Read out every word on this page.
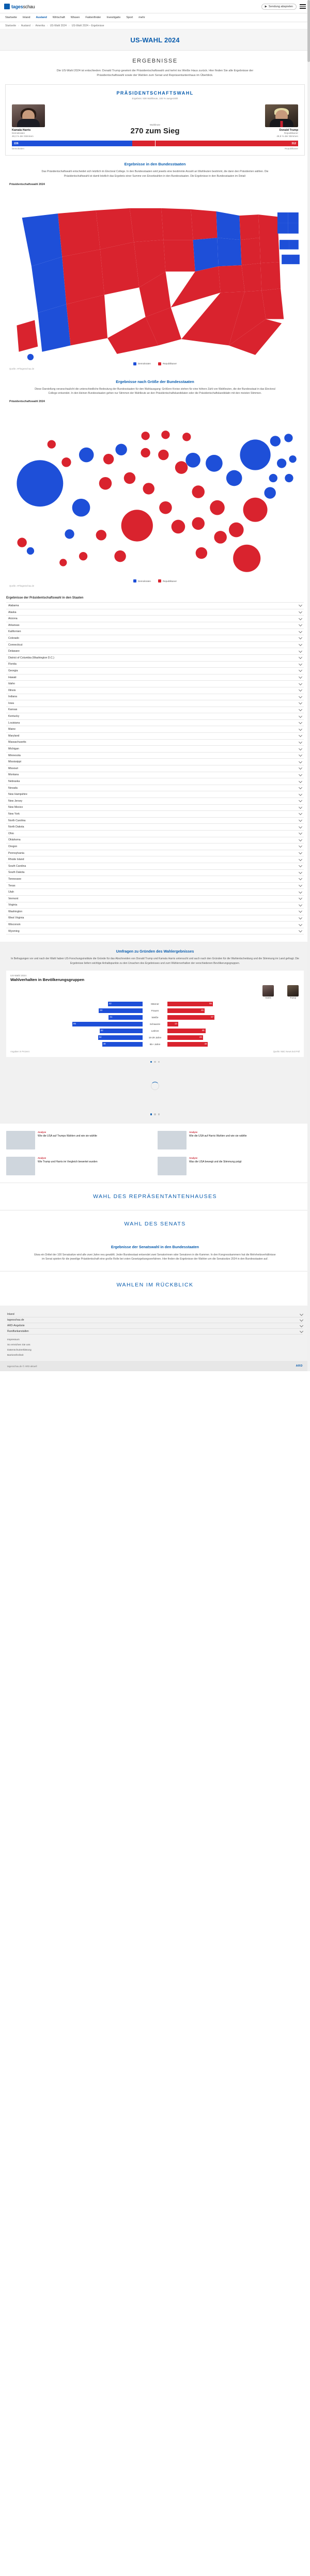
tagesschau	▶ Sendung abspielen
Startseite Inland Ausland Wirtschaft Wissen Faktenfinder Investigativ Sport mehr
Startseite › Ausland › Amerika › US-Wahl 2024 › US-Wahl 2024 – Ergebnisse
US-WAHL 2024
ERGEBNISSE
Die US-Wahl 2024 ist entschieden: Donald Trump gewinnt die Präsidentschaftswahl und kehrt ins Weiße Haus zurück. Hier finden Sie alle Ergebnisse der Präsidentschaftswahl sowie der Wahlen zum Senat und Repräsentantenhaus im Überblick.
PRÄSIDENTSCHAFTSWAHL
Ergebnis: 538 Wahlleute, 100 % ausgezählt
Kamala Harris
Demokraten
48,3 % der Stimmen
Wahlleute
270 zum Sieg	Donald Trump
Republikaner
49,9 % der Stimmen
226	312
Demokraten	Republikaner
Ergebnisse in den Bundesstaaten

Das Präsidentschaftswahl entscheidet sich letztlich im Electoral College. In den Bundesstaaten wird jeweils eine bestimmte Anzahl an Wahlleuten bestimmt, die dann den Präsidenten wählen. Die Präsidentschaftswahl ist damit letztlich das Ergebnis einer Summe von Einzelwahlen in den Bundesstaaten. Die Ergebnisse in den Bundesstaaten im Detail:

Präsidentschaftswahl 2024
Demokraten	Republikaner
Quelle: AP/tagesschau.de
Ergebnisse nach Größe der Bundesstaaten

Diese Darstellung veranschaulicht die unterschiedliche Bedeutung der Bundesstaaten für den Wahlausgang: Größere Kreise stehen für eine höhere Zahl von Wahlleuten, die der Bundesstaat in das Electoral College entsendet. In den kleinen Bundesstaaten gehen nur Stimmen der Wahlleute an den Präsidentschaftskandidaten oder die Präsidentschaftskandidatin mit den meisten Stimmen.

Präsidentschaftswahl 2024
Demokraten	Republikaner
Quelle: AP/tagesschau.de
Ergebnisse der Präsidentschaftswahl in den Staaten
Alabama
Alaska
Arizona
Arkansas
Kalifornien
Colorado
Connecticut
Delaware
District of Columbia (Washington D.C.)
Florida
Georgia
Hawaii
Idaho
Illinois
Indiana
Iowa
Kansas
Kentucky
Louisiana
Maine
Maryland
Massachusetts
Michigan
Minnesota
Mississippi
Missouri
Montana
Nebraska
Nevada
New Hampshire
New Jersey
New Mexico
New York
North Carolina
North Dakota
Ohio
Oklahoma
Oregon
Pennsylvania
Rhode Island
South Carolina
South Dakota
Tennessee
Texas
Utah
Vermont
Virginia
Washington
West Virginia
Wisconsin
Wyoming
Umfragen zu Gründen des Wahlergebnisses
In Befragungen vor und nach der Wahl haben US-Forschungsinstitute die Gründe für das Abschneiden von Donald Trump und Kamala Harris untersucht und auch nach den Gründen für die Wahlentscheidung und die Stimmung im Land gefragt. Die Ergebnisse liefern wichtige Anhaltspunkte zu den Ursachen des Ergebnisses und zum Wählerverhalten der verschiedenen Bevölkerungsgruppen.
US-Wahl 2024
Wahlverhalten in Bevölkerungsgruppen
Harris	Trump
42	Männer	55
53	Frauen	45
41	Weiße	57
85	Schwarze	13
52	Latinos	46
54	18-29 Jahre	43
49	65+ Jahre	49
Angaben in Prozent	Quelle: NBC News Exit Poll
Analyse
Wie die USA auf Trumps Wahlen und wie sie wählte
Analyse
Wie die USA auf Harris Wahlen und wie sie wählte
Analyse
Wie Trump und Harris im Vergleich bewertet wurden
Analyse
Was die USA bewegt und die Stimmung prägt
WAHL DES REPRÄSENTANTENHAUSES
WAHL DES SENATS
Ergebnisse der Senatswahl in den Bundesstaaten

Etwa ein Drittel der 100 Senatssitze wird alle zwei Jahre neu gewählt. Jeder Bundesstaat entsendet zwei Senatorinnen oder Senatoren in die Kammer. In den Kongresskammern hat die Mehrheitsverhältnisse im Senat spielen für die jeweilige Präsidentschaft eine große Rolle bei voten Gesetzgebungsverfahren. Hier finden die Ergebnisse der Wahlen um die Senatssitze 2024 in den Bundesstaaten auf.

WAHLEN IM RÜCKBLICK
Inland
tagesschau.de
ARD-Angebote
Rundfunkanstalten
Impressum
So erreichen Sie uns
Datenschutzerklärung
Barrierefreiheit
tagesschau.de © ARD-aktuell	ARD
